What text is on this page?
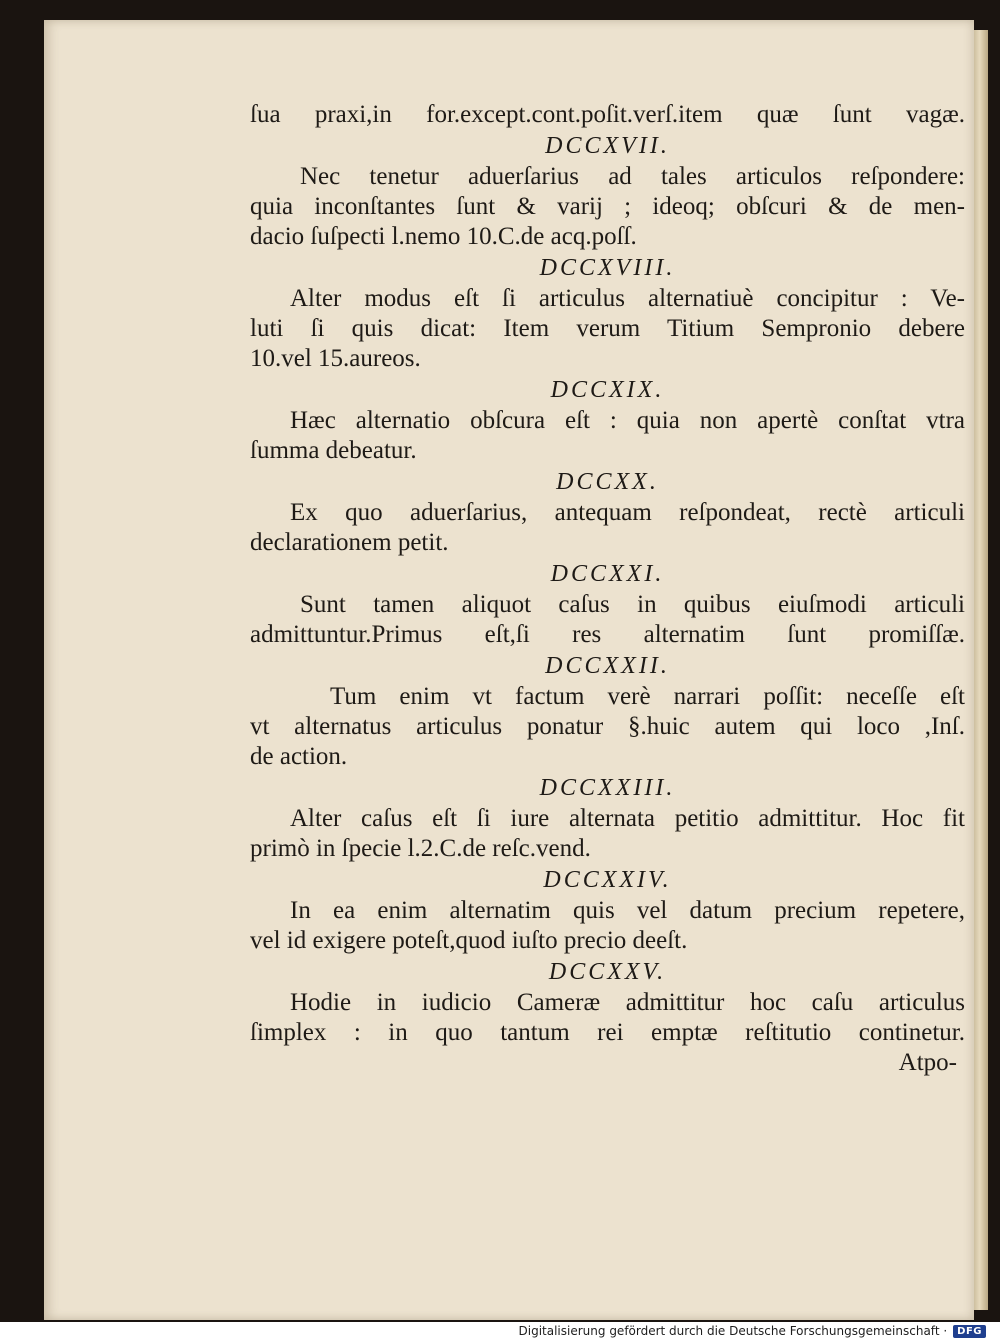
ſua praxi,in for.except.cont.poſit.verſ.item quæ ſunt vagæ.
DCCXVII.
Nec tenetur aduerſarius ad tales articulos reſpondere:
quia inconſtantes ſunt & varij ; ideoq; obſcuri & de men-
dacio ſuſpecti l.nemo 10.C.de acq.poſſ.
DCCXVIII.
Alter modus eſt ſi articulus alternatiuè concipitur : Ve-
luti ſi quis dicat: Item verum Titium Sempronio debere
10.vel 15.aureos.
DCCXIX.
Hæc alternatio obſcura eſt : quia non apertè conſtat vtra
ſumma debeatur.
DCCXX.
Ex quo aduerſarius, antequam reſpondeat, rectè articuli
declarationem petit.
DCCXXI.
Sunt tamen aliquot caſus in quibus eiuſmodi articuli
admittuntur.Primus eſt,ſi res alternatim ſunt promiſſæ.
DCCXXII.
Tum enim vt factum verè narrari poſſit: neceſſe eſt
vt alternatus articulus ponatur §.huic autem qui loco ,Inſ.
de action.
DCCXXIII.
Alter caſus eſt ſi iure alternata petitio admittitur. Hoc fit
primò in ſpecie l.2.C.de reſc.vend.
DCCXXIV.
In ea enim alternatim quis vel datum precium repetere,
vel id exigere poteſt,quod iuſto precio deeſt.
DCCXXV.
Hodie in iudicio Cameræ admittitur hoc caſu articulus
ſimplex : in quo tantum rei emptæ reſtitutio continetur.
Atpo-
Digitalisierung gefördert durch die Deutsche Forschungsgemeinschaft ·	DFG
